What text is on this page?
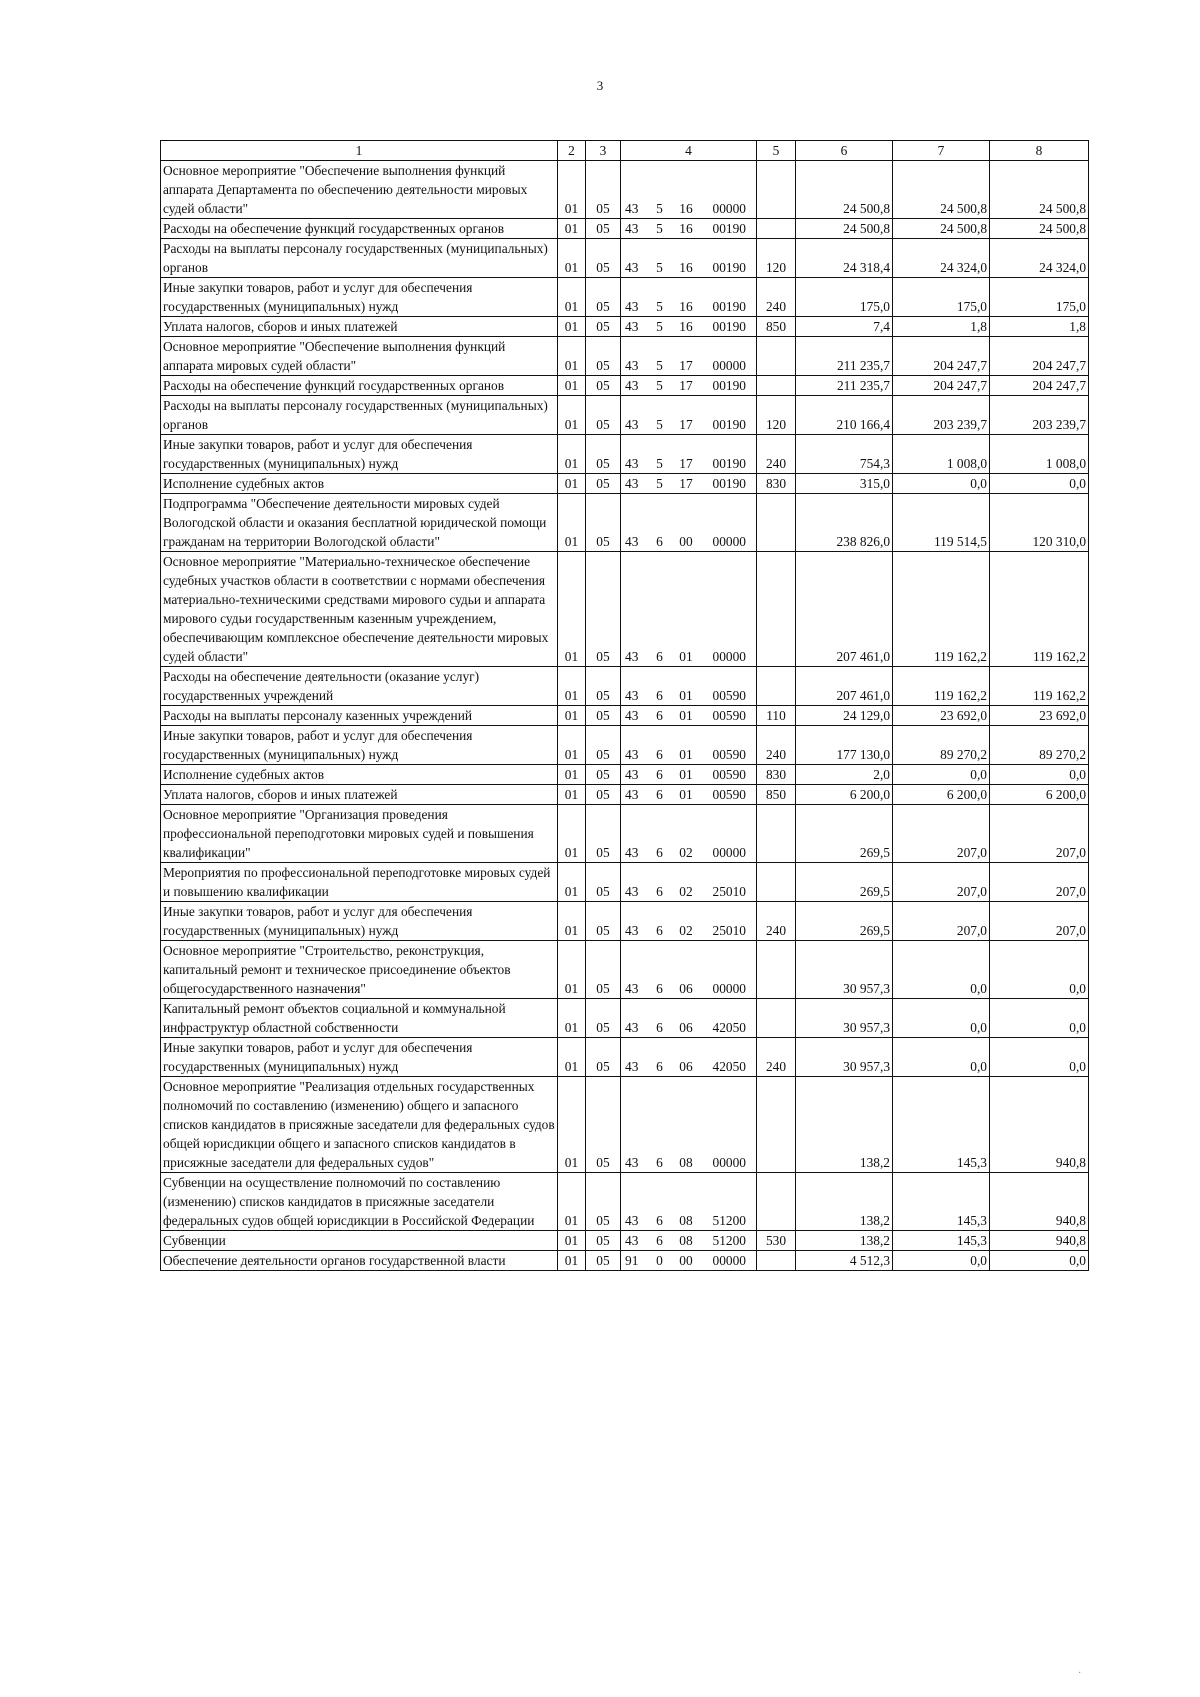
3
1	2	3	4				5	6	7	8
Основное мероприятие "Обеспечение выполнения функций аппарата Департамента по обеспечению деятельности мировых судей области"	01	05	43	5	16	00000		24 500,8	24 500,8	24 500,8
Расходы на обеспечение функций государственных органов	01	05	43	5	16	00190		24 500,8	24 500,8	24 500,8
Расходы на выплаты персоналу государственных (муниципальных) органов	01	05	43	5	16	00190	120	24 318,4	24 324,0	24 324,0
Иные закупки товаров, работ и услуг для обеспечения государственных (муниципальных) нужд	01	05	43	5	16	00190	240	175,0	175,0	175,0
Уплата налогов, сборов и иных платежей	01	05	43	5	16	00190	850	7,4	1,8	1,8
Основное мероприятие "Обеспечение выполнения функций аппарата мировых судей области"	01	05	43	5	17	00000		211 235,7	204 247,7	204 247,7
Расходы на обеспечение функций государственных органов	01	05	43	5	17	00190		211 235,7	204 247,7	204 247,7
Расходы на выплаты персоналу государственных (муниципальных) органов	01	05	43	5	17	00190	120	210 166,4	203 239,7	203 239,7
Иные закупки товаров, работ и услуг для обеспечения государственных (муниципальных) нужд	01	05	43	5	17	00190	240	754,3	1 008,0	1 008,0
Исполнение судебных актов	01	05	43	5	17	00190	830	315,0	0,0	0,0
Подпрограмма "Обеспечение деятельности мировых судей Вологодской области и оказания бесплатной юридической помощи гражданам на территории Вологодской области"	01	05	43	6	00	00000		238 826,0	119 514,5	120 310,0
Основное мероприятие "Материально-техническое обеспечение судебных участков области в соответствии с нормами обеспечения материально-техническими средствами мирового судьи и аппарата мирового судьи государственным казенным учреждением, обеспечивающим комплексное обеспечение деятельности мировых судей области"	01	05	43	6	01	00000		207 461,0	119 162,2	119 162,2
Расходы на обеспечение деятельности (оказание услуг) государственных учреждений	01	05	43	6	01	00590		207 461,0	119 162,2	119 162,2
Расходы на выплаты персоналу казенных учреждений	01	05	43	6	01	00590	110	24 129,0	23 692,0	23 692,0
Иные закупки товаров, работ и услуг для обеспечения государственных (муниципальных) нужд	01	05	43	6	01	00590	240	177 130,0	89 270,2	89 270,2
Исполнение судебных актов	01	05	43	6	01	00590	830	2,0	0,0	0,0
Уплата налогов, сборов и иных платежей	01	05	43	6	01	00590	850	6 200,0	6 200,0	6 200,0
Основное мероприятие "Организация проведения профессиональной переподготовки мировых судей и повышения квалификации"	01	05	43	6	02	00000		269,5	207,0	207,0
Мероприятия по профессиональной переподготовке мировых судей и повышению квалификации	01	05	43	6	02	25010		269,5	207,0	207,0
Иные закупки товаров, работ и услуг для обеспечения государственных (муниципальных) нужд	01	05	43	6	02	25010	240	269,5	207,0	207,0
Основное мероприятие "Строительство, реконструкция, капитальный ремонт и техническое присоединение объектов общегосударственного назначения"	01	05	43	6	06	00000		30 957,3	0,0	0,0
Капитальный ремонт объектов социальной и коммунальной инфраструктур областной собственности	01	05	43	6	06	42050		30 957,3	0,0	0,0
Иные закупки товаров, работ и услуг для обеспечения государственных (муниципальных) нужд	01	05	43	6	06	42050	240	30 957,3	0,0	0,0
Основное мероприятие "Реализация отдельных государственных полномочий по составлению (изменению) общего и запасного списков кандидатов в присяжные заседатели для федеральных судов общей юрисдикции общего и запасного списков кандидатов в присяжные заседатели для федеральных судов"	01	05	43	6	08	00000		138,2	145,3	940,8
Субвенции на осуществление полномочий по составлению (изменению) списков кандидатов в присяжные заседатели федеральных судов общей юрисдикции в Российской Федерации	01	05	43	6	08	51200		138,2	145,3	940,8
Субвенции	01	05	43	6	08	51200	530	138,2	145,3	940,8
Обеспечение деятельности органов государственной власти	01	05	91	0	00	00000		4 512,3	0,0	0,0
·
